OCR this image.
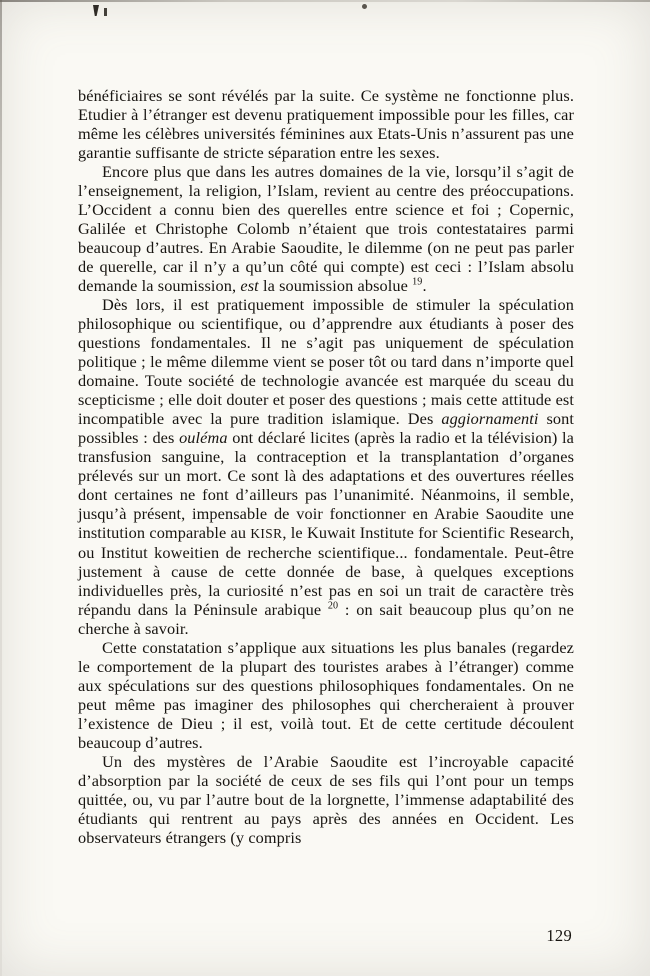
bénéficiaires se sont révélés par la suite. Ce système ne fonctionne plus. Etudier à l’étranger est devenu pratiquement impossible pour les filles, car même les célèbres universités féminines aux Etats-Unis n’assurent pas une garantie suffisante de stricte séparation entre les sexes.

Encore plus que dans les autres domaines de la vie, lorsqu’il s’agit de l’enseignement, la religion, l’Islam, revient au centre des préoccupations. L’Occident a connu bien des querelles entre science et foi ; Copernic, Galilée et Christophe Colomb n’étaient que trois contestataires parmi beaucoup d’autres. En Arabie Saoudite, le dilemme (on ne peut pas parler de querelle, car il n’y a qu’un côté qui compte) est ceci : l’Islam absolu demande la soumission, est la soumission absolue $^{19}$.

Dès lors, il est pratiquement impossible de stimuler la spéculation philosophique ou scientifique, ou d’apprendre aux étudiants à poser des questions fondamentales. Il ne s’agit pas uniquement de spéculation politique ; le même dilemme vient se poser tôt ou tard dans n’importe quel domaine. Toute société de technologie avancée est marquée du sceau du scepticisme ; elle doit douter et poser des questions ; mais cette attitude est incompatible avec la pure tradition islamique. Des aggiornamenti sont possibles : des ouléma ont déclaré licites (après la radio et la télévision) la transfusion sanguine, la contraception et la transplantation d’organes prélevés sur un mort. Ce sont là des adaptations et des ouvertures réelles dont certaines ne font d’ailleurs pas l’unanimité. Néanmoins, il semble, jusqu’à présent, impensable de voir fonctionner en Arabie Saoudite une institution comparable au KISR, le Kuwait Institute for Scientific Research, ou Institut koweitien de recherche scientifique... fondamentale. Peut-être justement à cause de cette donnée de base, à quelques exceptions individuelles près, la curiosité n’est pas en soi un trait de caractère très répandu dans la Péninsule arabique $^{20}$ : on sait beaucoup plus qu’on ne cherche à savoir.

Cette constatation s’applique aux situations les plus banales (regardez le comportement de la plupart des touristes arabes à l’étranger) comme aux spéculations sur des questions philosophiques fondamentales. On ne peut même pas imaginer des philosophes qui chercheraient à prouver l’existence de Dieu ; il est, voilà tout. Et de cette certitude découlent beaucoup d’autres.

Un des mystères de l’Arabie Saoudite est l’incroyable capacité d’absorption par la société de ceux de ses fils qui l’ont pour un temps quittée, ou, vu par l’autre bout de la lorgnette, l’immense adaptabilité des étudiants qui rentrent au pays après des années en Occident. Les observateurs étrangers (y compris

129
